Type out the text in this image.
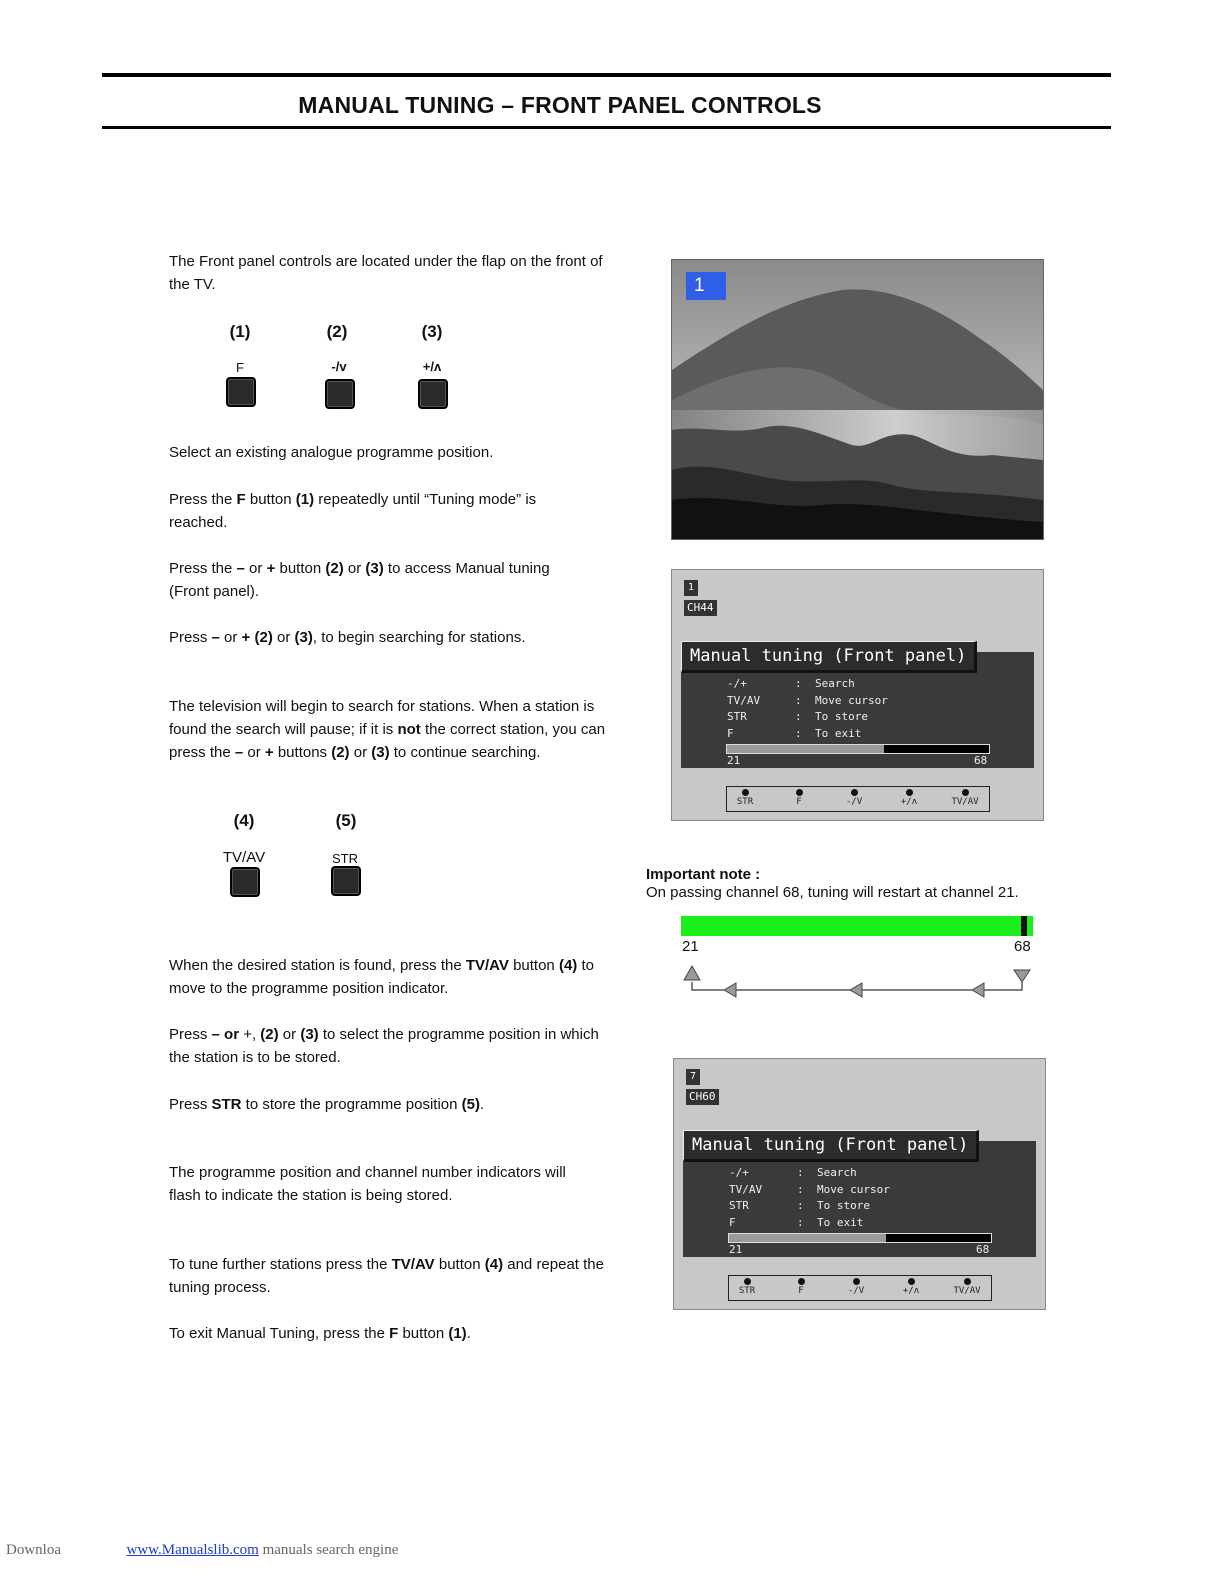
MANUAL TUNING – FRONT PANEL CONTROLS
The Front panel controls are located under the flap on the front of the TV.
(1)	(2)	(3)
F	-/v	+/ʌ
Select an existing analogue programme position.
Press the F button (1) repeatedly until “Tuning mode” is reached.
Press the – or + button (2) or (3) to access Manual tuning (Front panel).
Press – or + (2) or (3), to begin searching for stations.
The television will begin to search for stations. When a station is found the search will pause; if it is not the correct station, you can press the – or + buttons (2) or (3) to continue searching.
(4)	(5)
TV/AV	STR
When the desired station is found, press the TV/AV button (4) to move to the programme position indicator.
Press – or +, (2) or (3) to select the programme position in which the station is to be stored.
Press STR to store the programme position (5).
The programme position and channel number indicators will flash to indicate the station is being stored.
To tune further stations press the TV/AV button (4) and repeat the tuning process.
To exit Manual Tuning, press the F button (1).
1
1
CH44
Manual tuning (Front panel)
-/+	: Search
TV/AV	: Move cursor
STR	: To store
F	: To exit
21	68
STR	F	-/V	+/ʌ	TV/AV
Important note :
On passing channel 68, tuning will restart at channel 21.
21	68
7
CH60
Manual tuning (Front panel)
-/+	: Search
TV/AV	: Move cursor
STR	: To store
F	: To exit
21	68
STR	F	-/V	+/ʌ	TV/AV
Downloa	www.Manualslib.com manuals search engine
